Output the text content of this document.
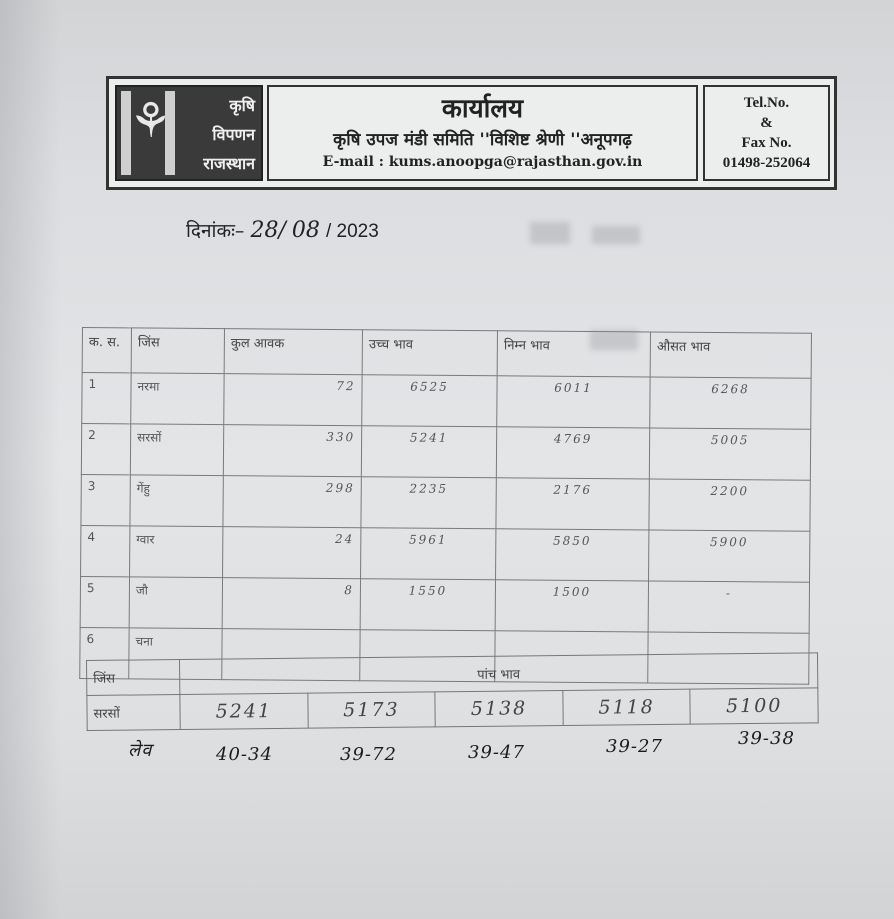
⚘	कृषि
विपणन
राजस्थान
कार्यालय
कृषि उपज मंडी समिति ''विशिष्ट श्रेणी ''अनूपगढ़
E-mail : kums.anoopga@rajasthan.gov.in
Tel.No.
&
Fax No.
01498-252064
दिनांकः– 28/ 08 / 2023
क. स.	जिंस	कुल आवक	उच्च भाव	निम्न भाव	औसत भाव
1	नरमा	72	6525	6011	6268
2	सरसों	330	5241	4769	5005
3	गेंहु	298	2235	2176	2200
4	ग्वार	24	5961	5850	5900
5	जौ	8	1550	1500	-
6	चना				
जिंस	पांच भाव				
सरसों	5241	5173	5138	5118	5100
लेव	40-34	39-72	39-47	39-27	39-38
